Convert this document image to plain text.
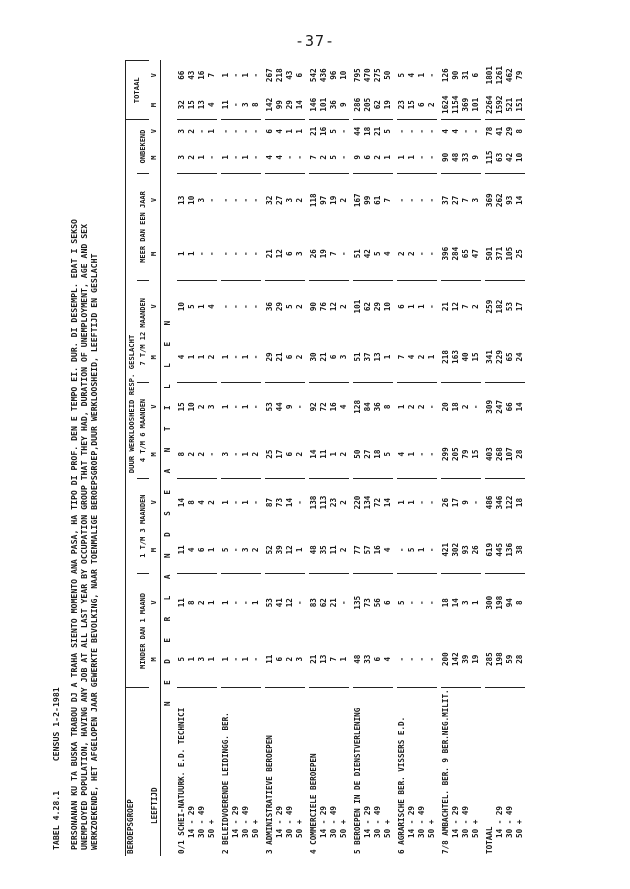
-37-
TABEL 4.28.1      CENSUS 1-2-1981 PERSONANAN KU TA BUSKA TRABOU DJ A TRAHA SIENTO MOMENTO ANA PASA, HA TIPO DI PROF. DEN E TEMPO EI. DUR. DI DESEMPL. EDAT I SEKSO UNEMPLOYED POPULATION, HAVING ANY JOB AT ALL LAST YEAR BY OCCUPATION GROUP THAT THEY HAD, DURATION OF UNEMPLOYMENT, AGE AND SEX WERKZOEKENDE, HET AFGELOPEN JAAR GEWERKTE BEVOLKING, NAAR TOENMALIGE BEROEPSGROEP,DUUR WERKLOOSHEID, LEEFTIJD EN GESLACHT	BEROEPSGROEP LEEFTIJD	DUUR WERKLOOSHEID RESP. GESLACHT												TOTAAL	
	MINDER DAN 1 MAAND		1 T/M 3 MAANDEN		4 T/M 6 MAANDEN		7 T/M 12 MAANDEN		MEER DAN EEN JAAR		ONBEKEND			
	M	V	M	V	M	V	M	V	M	V	M	V	M	V

N E D E R L A N D S E A N T I L L E N														

0/1 SCHEI-NATUURK. E.D. TECHNICI	5	11	11	14	8	15	4	10	1	13	3	3	32	66
14 - 29	1	8	4	8	2	10	1	5	1	10	2	2	15	43
30 - 49	3	2	6	4	2	2	1	1	-	3	1	-	13	16
50 +	1	1	1	2	-	3	2	4	-	-	-	1	4	7

2 BELEIDVOERENDE LEIDINGG. BER.	1	1	5	1	3	1	1	-	-	-	1	-	11	1
14 - 29	-	-	-	-	-	-	-	-	-	-	-	-	-	-
30 - 49	1	-	3	1	1	1	1	-	-	-	1	-	3	1
50 +	-	1	2	-	2	-	-	-	-	-	-	-	8	-

3 ADMINISTRATIEVE BEROEPEN	11	53	52	87	25	53	29	36	21	32	4	6	142	267
14 - 29	6	41	39	73	17	44	21	29	12	27	4	4	99	218
30 - 49	2	12	12	14	6	9	6	5	6	3	-	1	29	43
50 +	3	-	1	-	2	-	2	2	3	2	-	1	14	6

4 COMMERCIELE BEROEPEN	21	83	48	138	14	92	30	90	26	118	7	21	146	542
14 - 29	13	62	35	113	11	72	21	76	19	97	2	16	101	436
30 - 49	7	21	11	23	1	16	6	12	7	19	5	5	36	96
50 +	1	-	2	2	2	4	3	2	-	2	-	-	9	10

5 BEROEPEN IN DE DIENSTVERLENING	48	135	77	220	50	128	51	101	51	167	9	44	286	795
14 - 29	33	73	57	134	27	84	37	62	42	99	6	18	205	470
30 - 49	6	56	16	72	18	36	13	29	5	61	2	21	62	275
50 +	4	6	4	14	5	8	1	10	4	7	1	5	19	50

6 AGRARISCHE BER. VISSERS E.D.	-	5	-	1	4	1	7	6	2	-	1	-	23	5
14 - 29	-	-	5	1	1	2	4	1	2	-	1	-	15	4
30 - 49	-	-	1	-	-	2	2	1	-	-	-	-	6	1
50 +	-	-	-	-	-	-	1	-	-	-	-	-	2	-

7/8 AMBACHTEL. BER. 9 BER.NEG.MILIT.	200	18	421	26	299	20	218	21	396	37	90	4	1624	126
14 - 29	142	14	302	17	205	18	163	12	284	27	48	4	1154	90
30 - 49	39	3	93	9	79	2	40	7	65	7	33	-	369	31
50 +	19	1	26	-	15	-	15	2	47	3	9	-	101	6

TOTAAL	285	300	619	486	403	309	341	259	501	369	115	78	2264	1801
14 - 29	198	198	445	346	268	247	229	182	371	262	63	41	1592	1261
30 - 49	59	94	136	122	107	66	65	53	105	93	42	29	521	462
50 +	28	8	38	18	28	14	24	17	25	14	10	8	151	79
